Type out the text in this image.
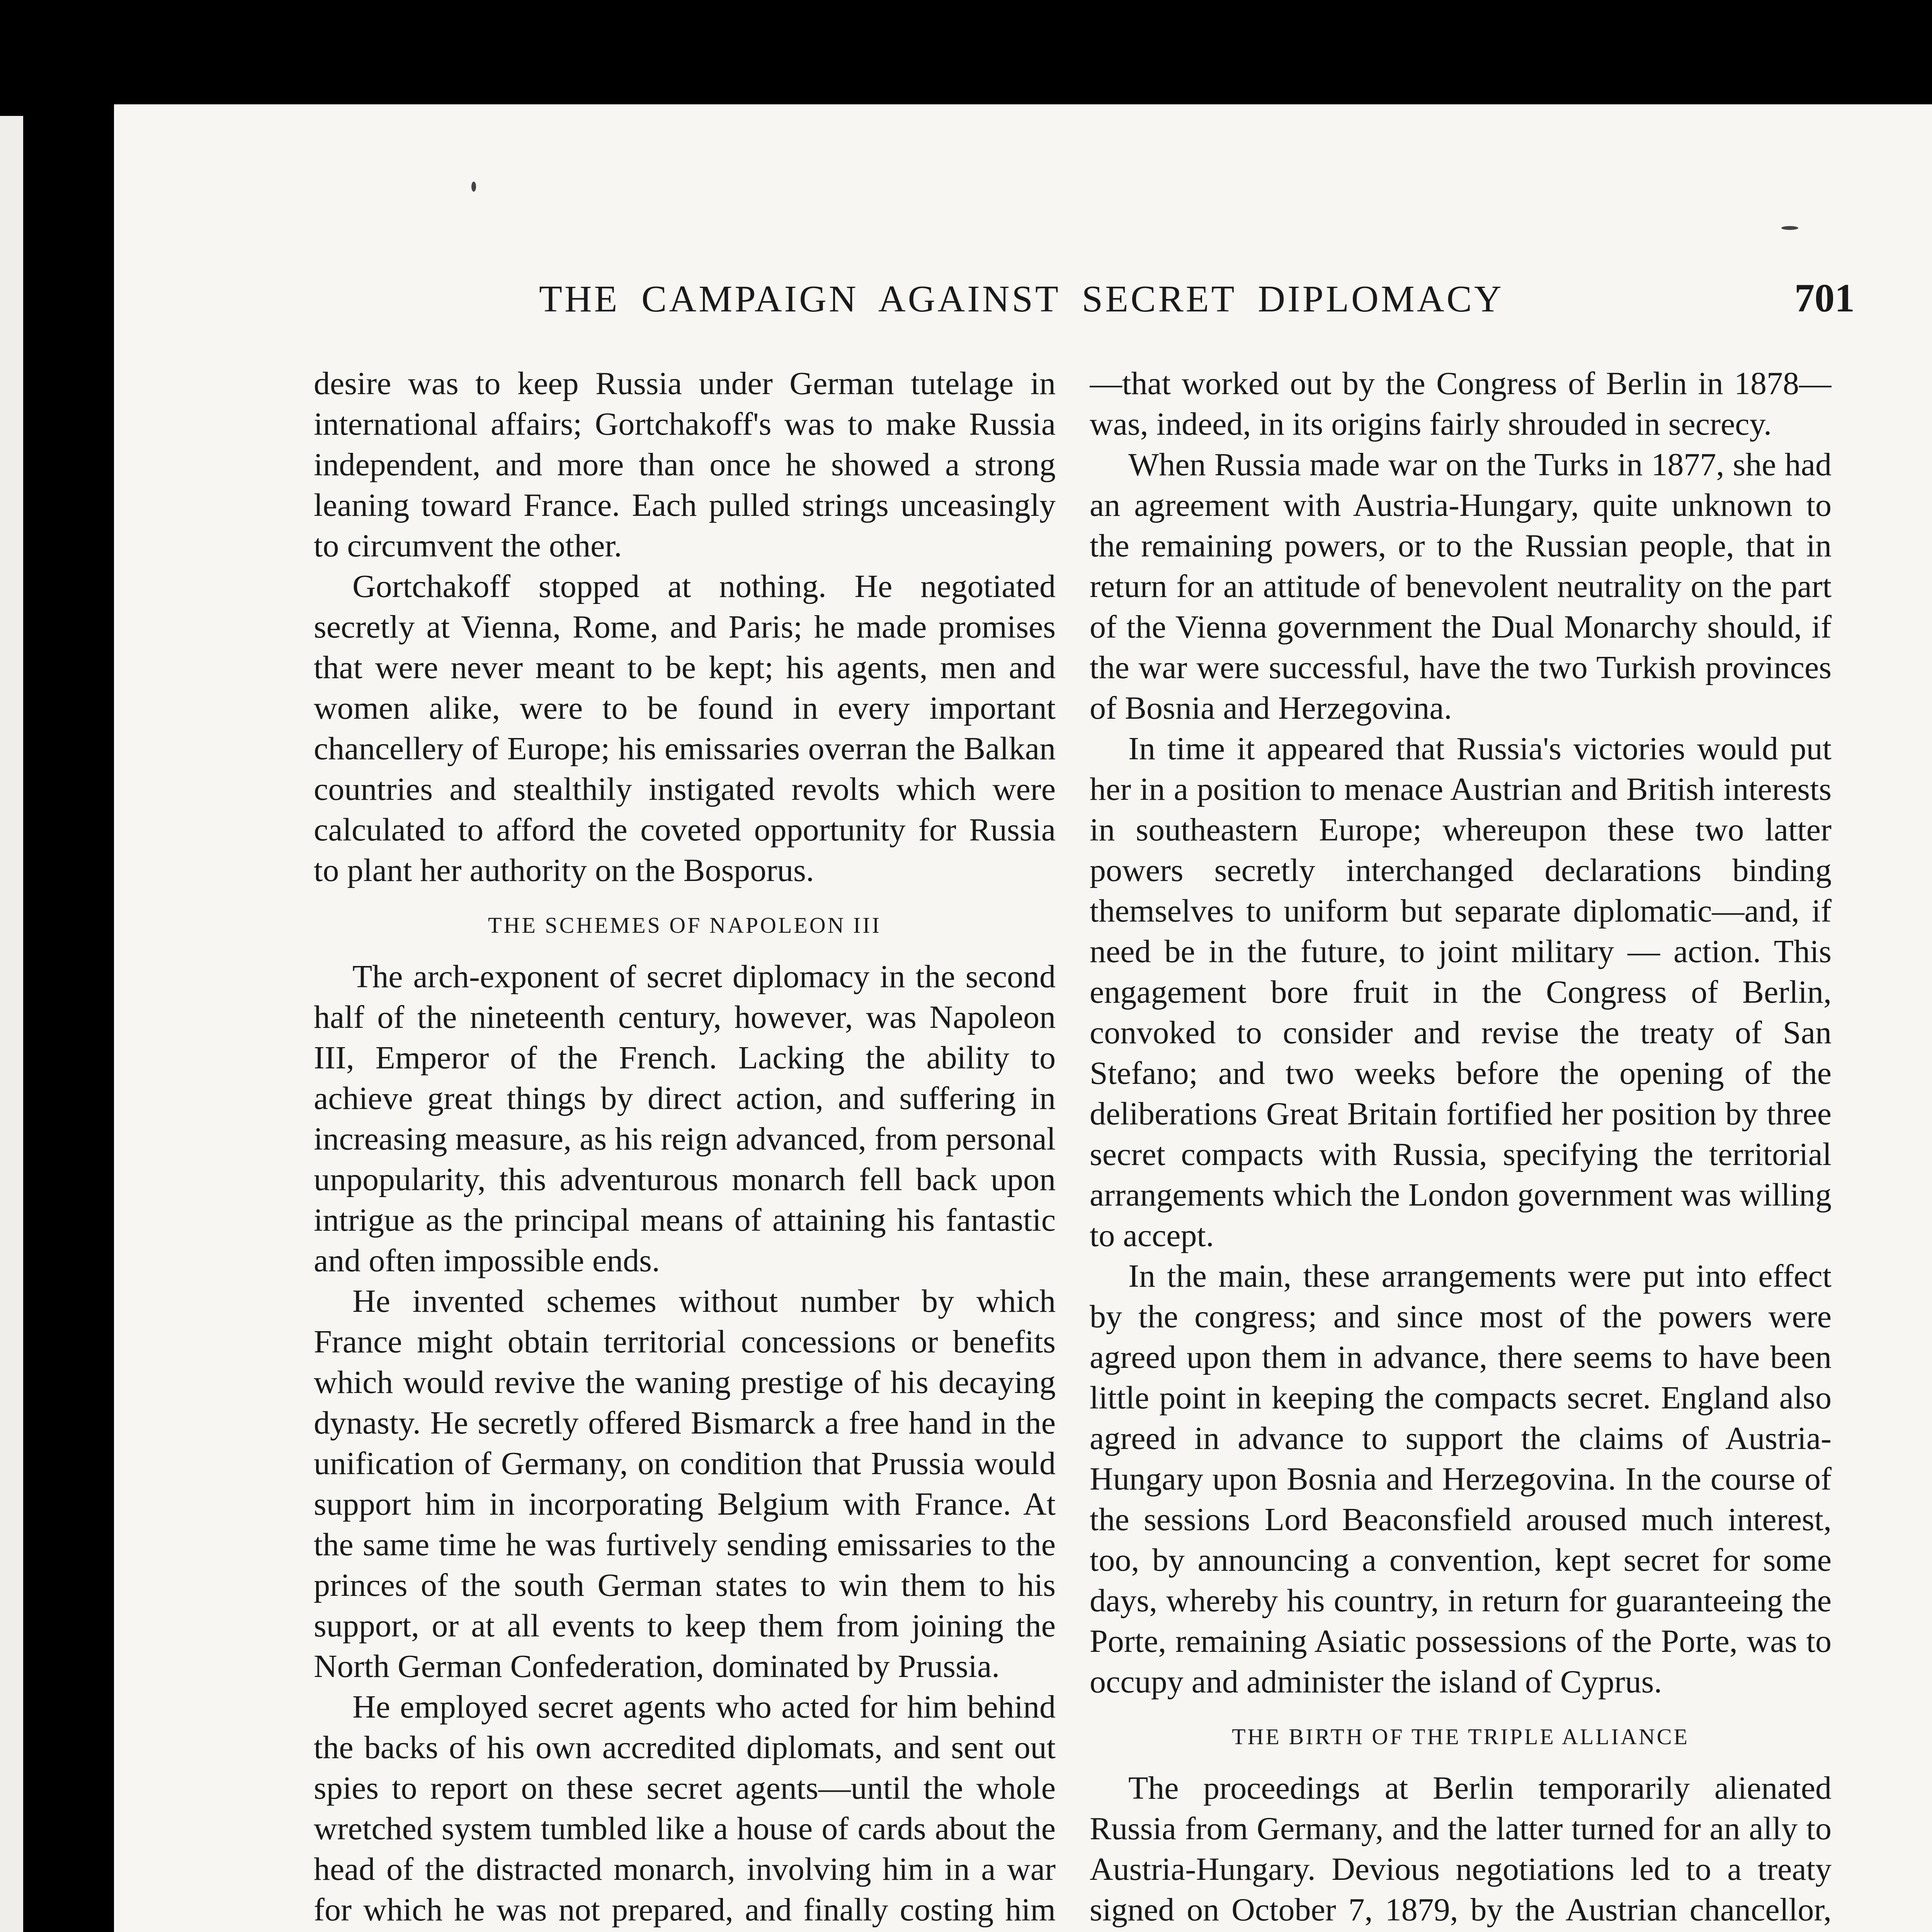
THE CAMPAIGN AGAINST SECRET DIPLOMACY	701

desire was to keep Russia under German tutelage in international affairs; Gortchakoff's was to make Russia independent, and more than once he showed a strong leaning toward France. Each pulled strings unceasingly to circumvent the other.

Gortchakoff stopped at nothing. He negotiated secretly at Vienna, Rome, and Paris; he made promises that were never meant to be kept; his agents, men and women alike, were to be found in every important chancellery of Europe; his emissaries overran the Balkan countries and stealthily instigated revolts which were calculated to afford the coveted opportunity for Russia to plant her authority on the Bosporus.

THE SCHEMES OF NAPOLEON III

The arch-exponent of secret diplomacy in the second half of the nineteenth century, however, was Napoleon III, Emperor of the French. Lacking the ability to achieve great things by direct action, and suffering in increasing measure, as his reign advanced, from personal unpopularity, this adventurous monarch fell back upon intrigue as the principal means of attaining his fantastic and often impossible ends.

He invented schemes without number by which France might obtain territorial concessions or benefits which would revive the waning prestige of his decaying dynasty. He secretly offered Bismarck a free hand in the unification of Germany, on condition that Prussia would support him in incorporating Belgium with France. At the same time he was furtively sending emissaries to the princes of the south German states to win them to his support, or at all events to keep them from joining the North German Confederation, dominated by Prussia.

He employed secret agents who acted for him behind the backs of his own accredited diplomats, and sent out spies to report on these secret agents—until the whole wretched system tumbled like a house of cards about the head of the distracted monarch, involving him in a war for which he was not prepared, and finally costing him

—that worked out by the Congress of Berlin in 1878—was, indeed, in its origins fairly shrouded in secrecy.

When Russia made war on the Turks in 1877, she had an agreement with Austria-Hungary, quite unknown to the remaining powers, or to the Russian people, that in return for an attitude of benevolent neutrality on the part of the Vienna government the Dual Monarchy should, if the war were successful, have the two Turkish provinces of Bosnia and Herzegovina.

In time it appeared that Russia's victories would put her in a position to menace Austrian and British interests in southeastern Europe; whereupon these two latter powers secretly interchanged declarations binding themselves to uniform but separate diplomatic—and, if need be in the future, to joint military — action. This engagement bore fruit in the Congress of Berlin, convoked to consider and revise the treaty of San Stefano; and two weeks before the opening of the deliberations Great Britain fortified her position by three secret compacts with Russia, specifying the territorial arrangements which the London government was willing to accept.

In the main, these arrangements were put into effect by the congress; and since most of the powers were agreed upon them in advance, there seems to have been little point in keeping the compacts secret. England also agreed in advance to support the claims of Austria-Hungary upon Bosnia and Herzegovina. In the course of the sessions Lord Beaconsfield aroused much interest, too, by announcing a convention, kept secret for some days, whereby his country, in return for guaranteeing the Porte, remaining Asiatic possessions of the Porte, was to occupy and administer the island of Cyprus.

THE BIRTH OF THE TRIPLE ALLIANCE

The proceedings at Berlin temporarily alienated Russia from Germany, and the latter turned for an ally to Austria-Hungary. Devious negotiations led to a treaty signed on October 7, 1879, by the Austrian chancellor,
